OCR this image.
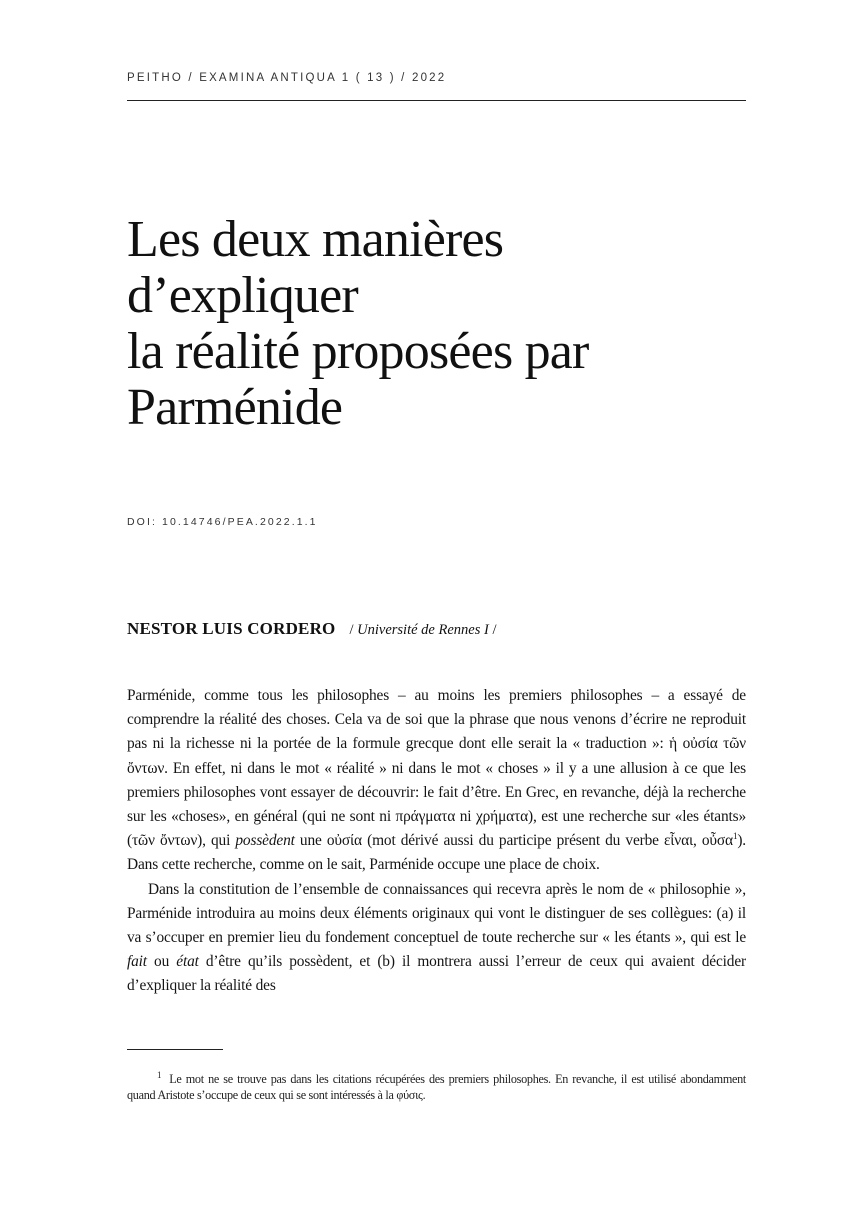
PEITHO / EXAMINA ANTIQUA 1 ( 13 ) / 2022
Les deux manières
d’expliquer
la réalité proposées par
Parménide
DOI: 10.14746/PEA.2022.1.1
NESTOR LUIS CORDERO / Université de Rennes I /

Parménide, comme tous les philosophes – au moins les premiers philosophes – a essayé de comprendre la réalité des choses. Cela va de soi que la phrase que nous venons d’écrire ne reproduit pas ni la richesse ni la portée de la formule grecque dont elle serait la « traduction »: ἡ οὐσία τῶν ὄντων. En effet, ni dans le mot « réalité » ni dans le mot « choses » il y a une allusion à ce que les premiers philosophes vont essayer de découvrir: le fait d’être. En Grec, en revanche, déjà la recherche sur les «choses», en général (qui ne sont ni πράγματα ni χρήματα), est une recherche sur «les étants» (τῶν ὄντων), qui possèdent une οὐσία (mot dérivé aussi du participe présent du verbe εἶναι, οὖσα$^1$). Dans cette recherche, comme on le sait, Parménide occupe une place de choix.

Dans la constitution de l’ensemble de connaissances qui recevra après le nom de « philosophie », Parménide introduira au moins deux éléments originaux qui vont le distinguer de ses collègues: (a) il va s’occuper en premier lieu du fondement conceptuel de toute recherche sur « les étants », qui est le fait ou état d’être qu’ils possèdent, et (b) il montrera aussi l’erreur de ceux qui avaient décider d’expliquer la réalité des

$^1$ Le mot ne se trouve pas dans les citations récupérées des premiers philosophes. En revanche, il est utilisé abondamment quand Aristote s’occupe de ceux qui se sont intéressés à la φύσις.
